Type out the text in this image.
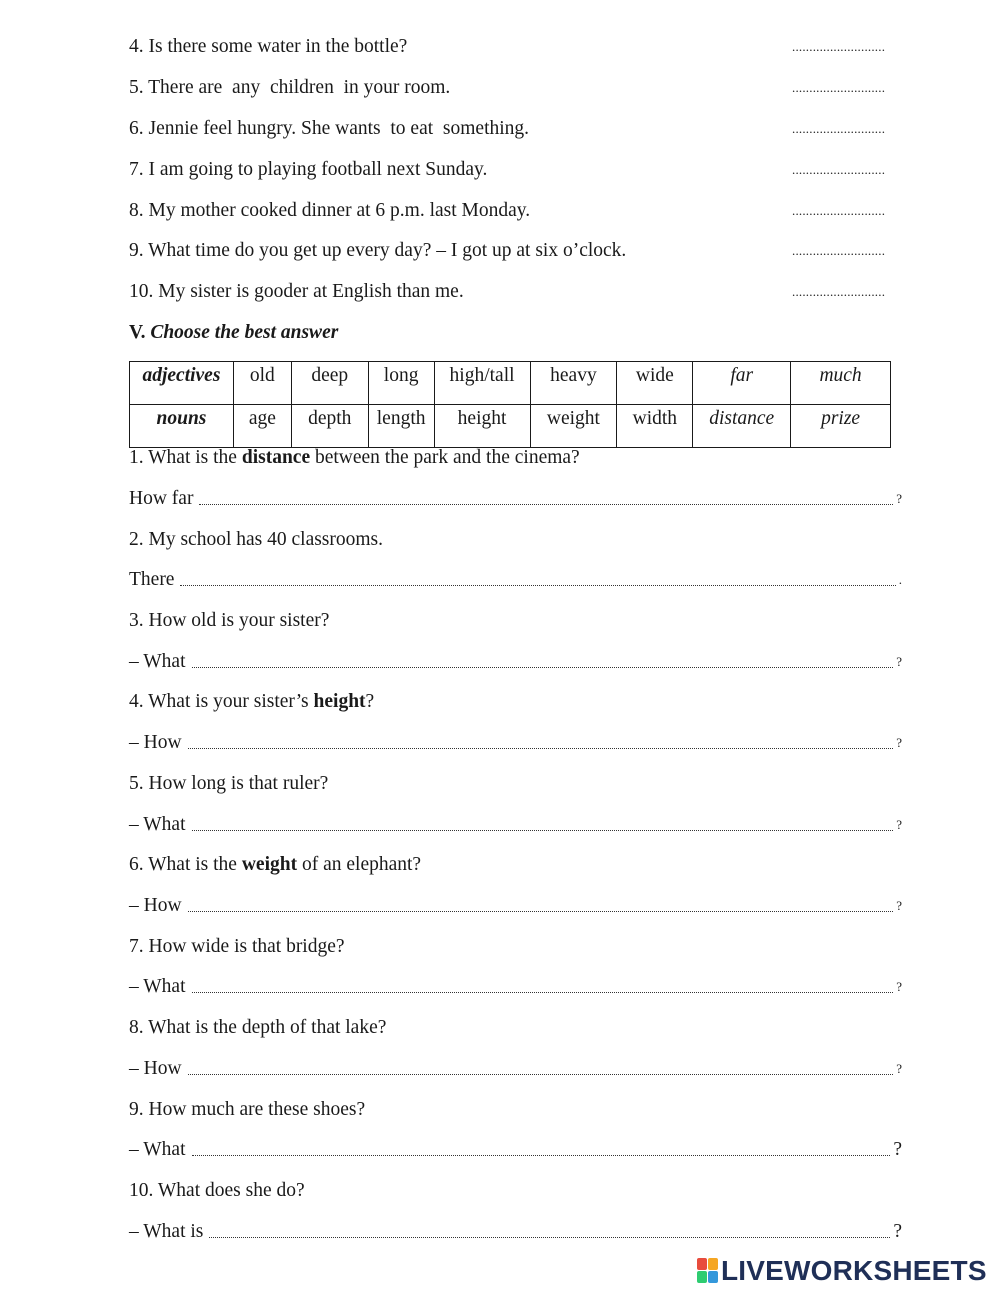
4. Is there some water in the bottle?	...........................
5. There are  any  children  in your room.	...........................
6. Jennie feel hungry. She wants  to eat  something.	...........................
7. I am going to playing football next Sunday.	...........................
8. My mother cooked dinner at 6 p.m. last Monday.	...........................
9. What time do you get up every day? – I got up at six o’clock.	...........................
10. My sister is gooder at English than me.	...........................
V. Choose the best answer
adjectives	old	deep	long	high/tall	heavy	wide	far	much
nouns	age	depth	length	height	weight	width	distance	prize
1. What is the distance between the park and the cinema?
How far	?
2. My school has 40 classrooms.
There	.
3. How old is your sister?
– What	?
4. What is your sister’s height?
– How	?
5. How long is that ruler?
– What	?
6. What is the weight of an elephant?
– How	?
7. How wide is that bridge?
– What	?
8. What is the depth of that lake?
– How	?
9. How much are these shoes?
– What	?
10. What does she do?
– What is	?
LIVEWORKSHEETS
